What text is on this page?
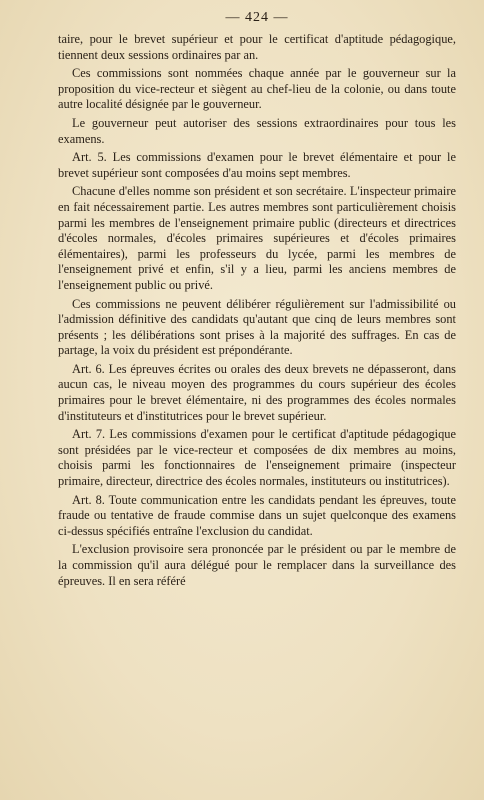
— 424 —

taire, pour le brevet supérieur et pour le certificat d'aptitude pédagogique, tiennent deux sessions ordinaires par an.

Ces commissions sont nommées chaque année par le gouverneur sur la proposition du vice-recteur et siègent au chef-lieu de la colonie, ou dans toute autre localité désignée par le gouverneur.

Le gouverneur peut autoriser des sessions extraordinaires pour tous les examens.

Art. 5. Les commissions d'examen pour le brevet élémentaire et pour le brevet supérieur sont composées d'au moins sept membres.

Chacune d'elles nomme son président et son secrétaire. L'inspecteur primaire en fait nécessairement partie. Les autres membres sont particulièrement choisis parmi les membres de l'enseignement primaire public (directeurs et directrices d'écoles normales, d'écoles primaires supérieures et d'écoles primaires élémentaires), parmi les professeurs du lycée, parmi les membres de l'enseignement privé et enfin, s'il y a lieu, parmi les anciens membres de l'enseignement public ou privé.

Ces commissions ne peuvent délibérer régulièrement sur l'admissibilité ou l'admission définitive des candidats qu'autant que cinq de leurs membres sont présents ; les délibérations sont prises à la majorité des suffrages. En cas de partage, la voix du président est prépondérante.

Art. 6. Les épreuves écrites ou orales des deux brevets ne dépasseront, dans aucun cas, le niveau moyen des programmes du cours supérieur des écoles primaires pour le brevet élémentaire, ni des programmes des écoles normales d'instituteurs et d'institutrices pour le brevet supérieur.

Art. 7. Les commissions d'examen pour le certificat d'aptitude pédagogique sont présidées par le vice-recteur et composées de dix membres au moins, choisis parmi les fonctionnaires de l'enseignement primaire (inspecteur primaire, directeur, directrice des écoles normales, instituteurs ou institutrices).

Art. 8. Toute communication entre les candidats pendant les épreuves, toute fraude ou tentative de fraude commise dans un sujet quelconque des examens ci-dessus spécifiés entraîne l'exclusion du candidat.

L'exclusion provisoire sera prononcée par le président ou par le membre de la commission qu'il aura délégué pour le remplacer dans la surveillance des épreuves. Il en sera référé
